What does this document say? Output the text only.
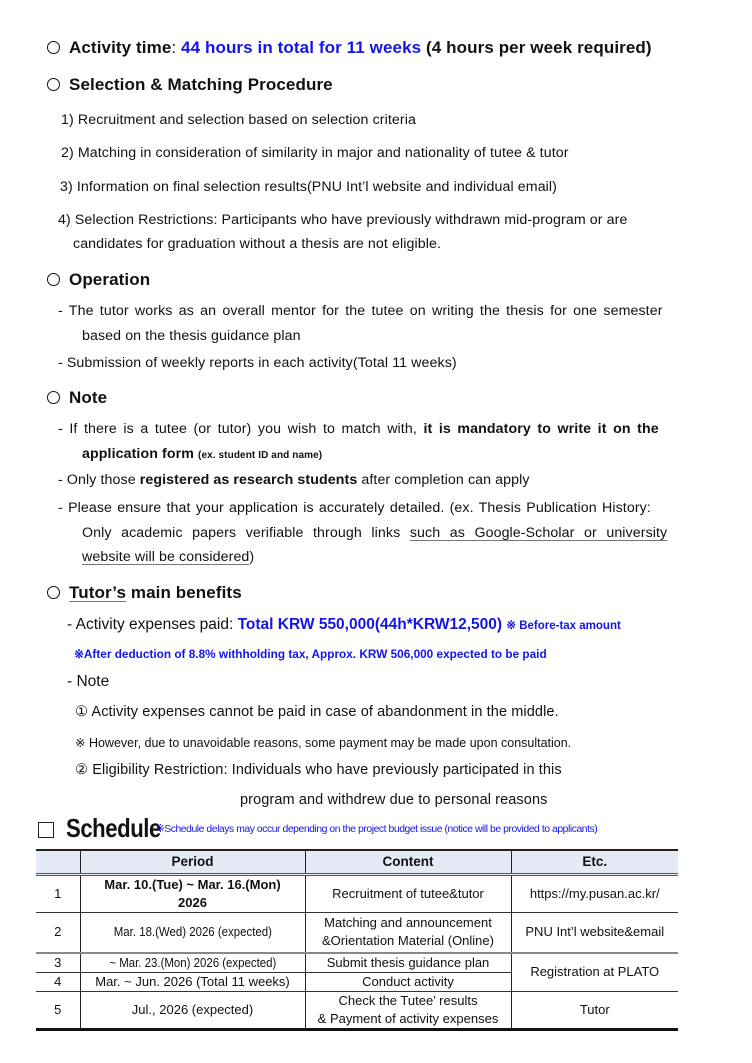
Activity time: 44 hours in total for 11 weeks (4 hours per week required)
Selection & Matching Procedure
1) Recruitment and selection based on selection criteria
2) Matching in consideration of similarity in major and nationality of tutee & tutor
3) Information on final selection results(PNU Int’l website and individual email)
4) Selection Restrictions: Participants who have previously withdrawn mid-program or are
candidates for graduation without a thesis are not eligible.
Operation
- The tutor works as an overall mentor for the tutee on writing the thesis for one semester
based on the thesis guidance plan
- Submission of weekly reports in each activity(Total 11 weeks)
Note
- If there is a tutee (or tutor) you wish to match with, it is mandatory to write it on the
application form (ex. student ID and name)
- Only those registered as research students after completion can apply
- Please ensure that your application is accurately detailed. (ex. Thesis Publication History:
Only academic papers verifiable through links such as Google-Scholar or university
website will be considered)
Tutor’s main benefits
- Activity expenses paid: Total KRW 550,000(44h*KRW12,500) ※ Before-tax amount
※After deduction of 8.8% withholding tax, Approx. KRW 506,000 expected to be paid
- Note
① Activity expenses cannot be paid in case of abandonment in the middle.
※ However, due to unavoidable reasons, some payment may be made upon consultation.
② Eligibility Restriction: Individuals who have previously participated in this
program and withdrew due to personal reasons
Schedule
※Schedule delays may occur depending on the project budget issue (notice will be provided to applicants)
	Period	Content	Etc.
1	Mar. 10.(Tue) ~ Mar. 16.(Mon)
2026	Recruitment of tutee&tutor	https://my.pusan.ac.kr/
2	Mar. 18.(Wed) 2026 (expected)	Matching and announcement
&Orientation Material (Online)	PNU Int’l website&email
3	~ Mar. 23.(Mon) 2026 (expected)	Submit thesis guidance plan	Registration at PLATO
4	Mar. ~ Jun. 2026 (Total 11 weeks)	Conduct activity	
5	Jul., 2026 (expected)	Check the Tutee’ results
& Payment of activity expenses	Tutor
